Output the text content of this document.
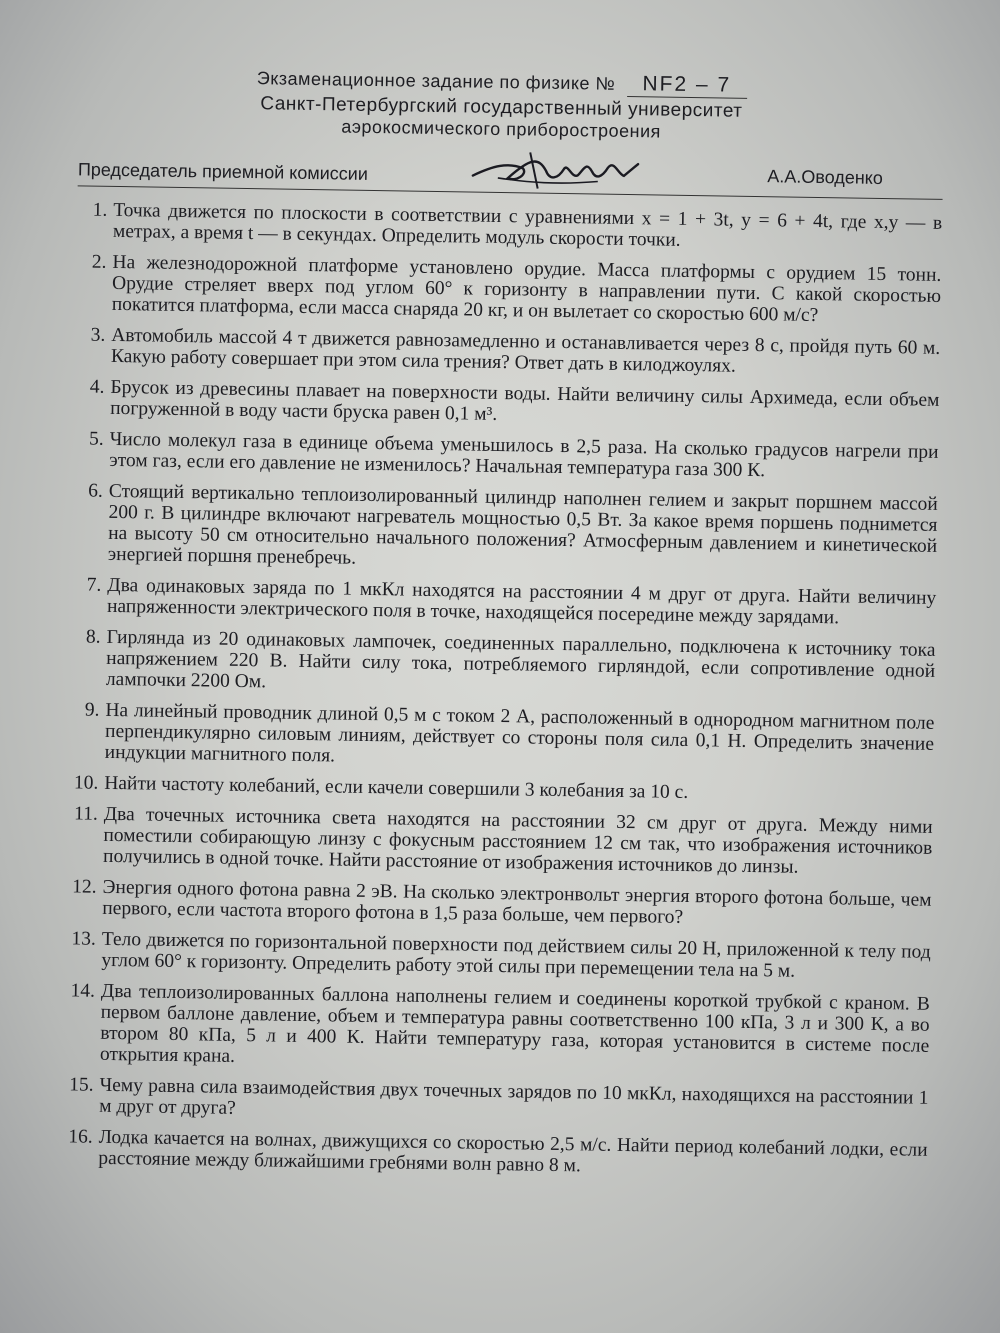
Экзаменационное задание по физике № NF2 – 7
Санкт-Петербургский государственный университет
аэрокосмического приборостроения
Председатель приемной комиссии	А.А.Оводенко
1. Точка движется по плоскости в соответствии с уравнениями x = 1 + 3t, y = 6 + 4t, где x,y — в метрах, а время t — в секундах. Определить модуль скорости точки.
2. На железнодорожной платформе установлено орудие. Масса платформы с орудием 15 тонн. Орудие стреляет вверх под углом 60° к горизонту в направлении пути. С какой скоростью покатится платформа, если масса снаряда 20 кг, и он вылетает со скоростью 600 м/с?
3. Автомобиль массой 4 т движется равнозамедленно и останавливается через 8 с, пройдя путь 60 м. Какую работу совершает при этом сила трения? Ответ дать в килоджоулях.
4. Брусок из древесины плавает на поверхности воды. Найти величину силы Архимеда, если объем погруженной в воду части бруска равен 0,1 м³.
5. Число молекул газа в единице объема уменьшилось в 2,5 раза. На сколько градусов нагрели при этом газ, если его давление не изменилось? Начальная температура газа 300 К.
6. Стоящий вертикально теплоизолированный цилиндр наполнен гелием и закрыт поршнем массой 200 г. В цилиндре включают нагреватель мощностью 0,5 Вт. За какое время поршень поднимется на высоту 50 см относительно начального положения? Атмосферным давлением и кинетической энергией поршня пренебречь.
7. Два одинаковых заряда по 1 мкКл находятся на расстоянии 4 м друг от друга. Найти величину напряженности электрического поля в точке, находящейся посередине между зарядами.
8. Гирлянда из 20 одинаковых лампочек, соединенных параллельно, подключена к источнику тока напряжением 220 В. Найти силу тока, потребляемого гирляндой, если сопротивление одной лампочки 2200 Ом.
9. На линейный проводник длиной 0,5 м с током 2 А, расположенный в однородном магнитном поле перпендикулярно силовым линиям, действует со стороны поля сила 0,1 Н. Определить значение индукции магнитного поля.
10. Найти частоту колебаний, если качели совершили 3 колебания за 10 с.
11. Два точечных источника света находятся на расстоянии 32 см друг от друга. Между ними поместили собирающую линзу с фокусным расстоянием 12 см так, что изображения источников получились в одной точке. Найти расстояние от изображения источников до линзы.
12. Энергия одного фотона равна 2 эВ. На сколько электронвольт энергия второго фотона больше, чем первого, если частота второго фотона в 1,5 раза больше, чем первого?
13. Тело движется по горизонтальной поверхности под действием силы 20 Н, приложенной к телу под углом 60° к горизонту. Определить работу этой силы при перемещении тела на 5 м.
14. Два теплоизолированных баллона наполнены гелием и соединены короткой трубкой с краном. В первом баллоне давление, объем и температура равны соответственно 100 кПа, 3 л и 300 К, а во втором 80 кПа, 5 л и 400 К. Найти температуру газа, которая установится в системе после открытия крана.
15. Чему равна сила взаимодействия двух точечных зарядов по 10 мкКл, находящихся на расстоянии 1 м друг от друга?
16. Лодка качается на волнах, движущихся со скоростью 2,5 м/с. Найти период колебаний лодки, если расстояние между ближайшими гребнями волн равно 8 м.
